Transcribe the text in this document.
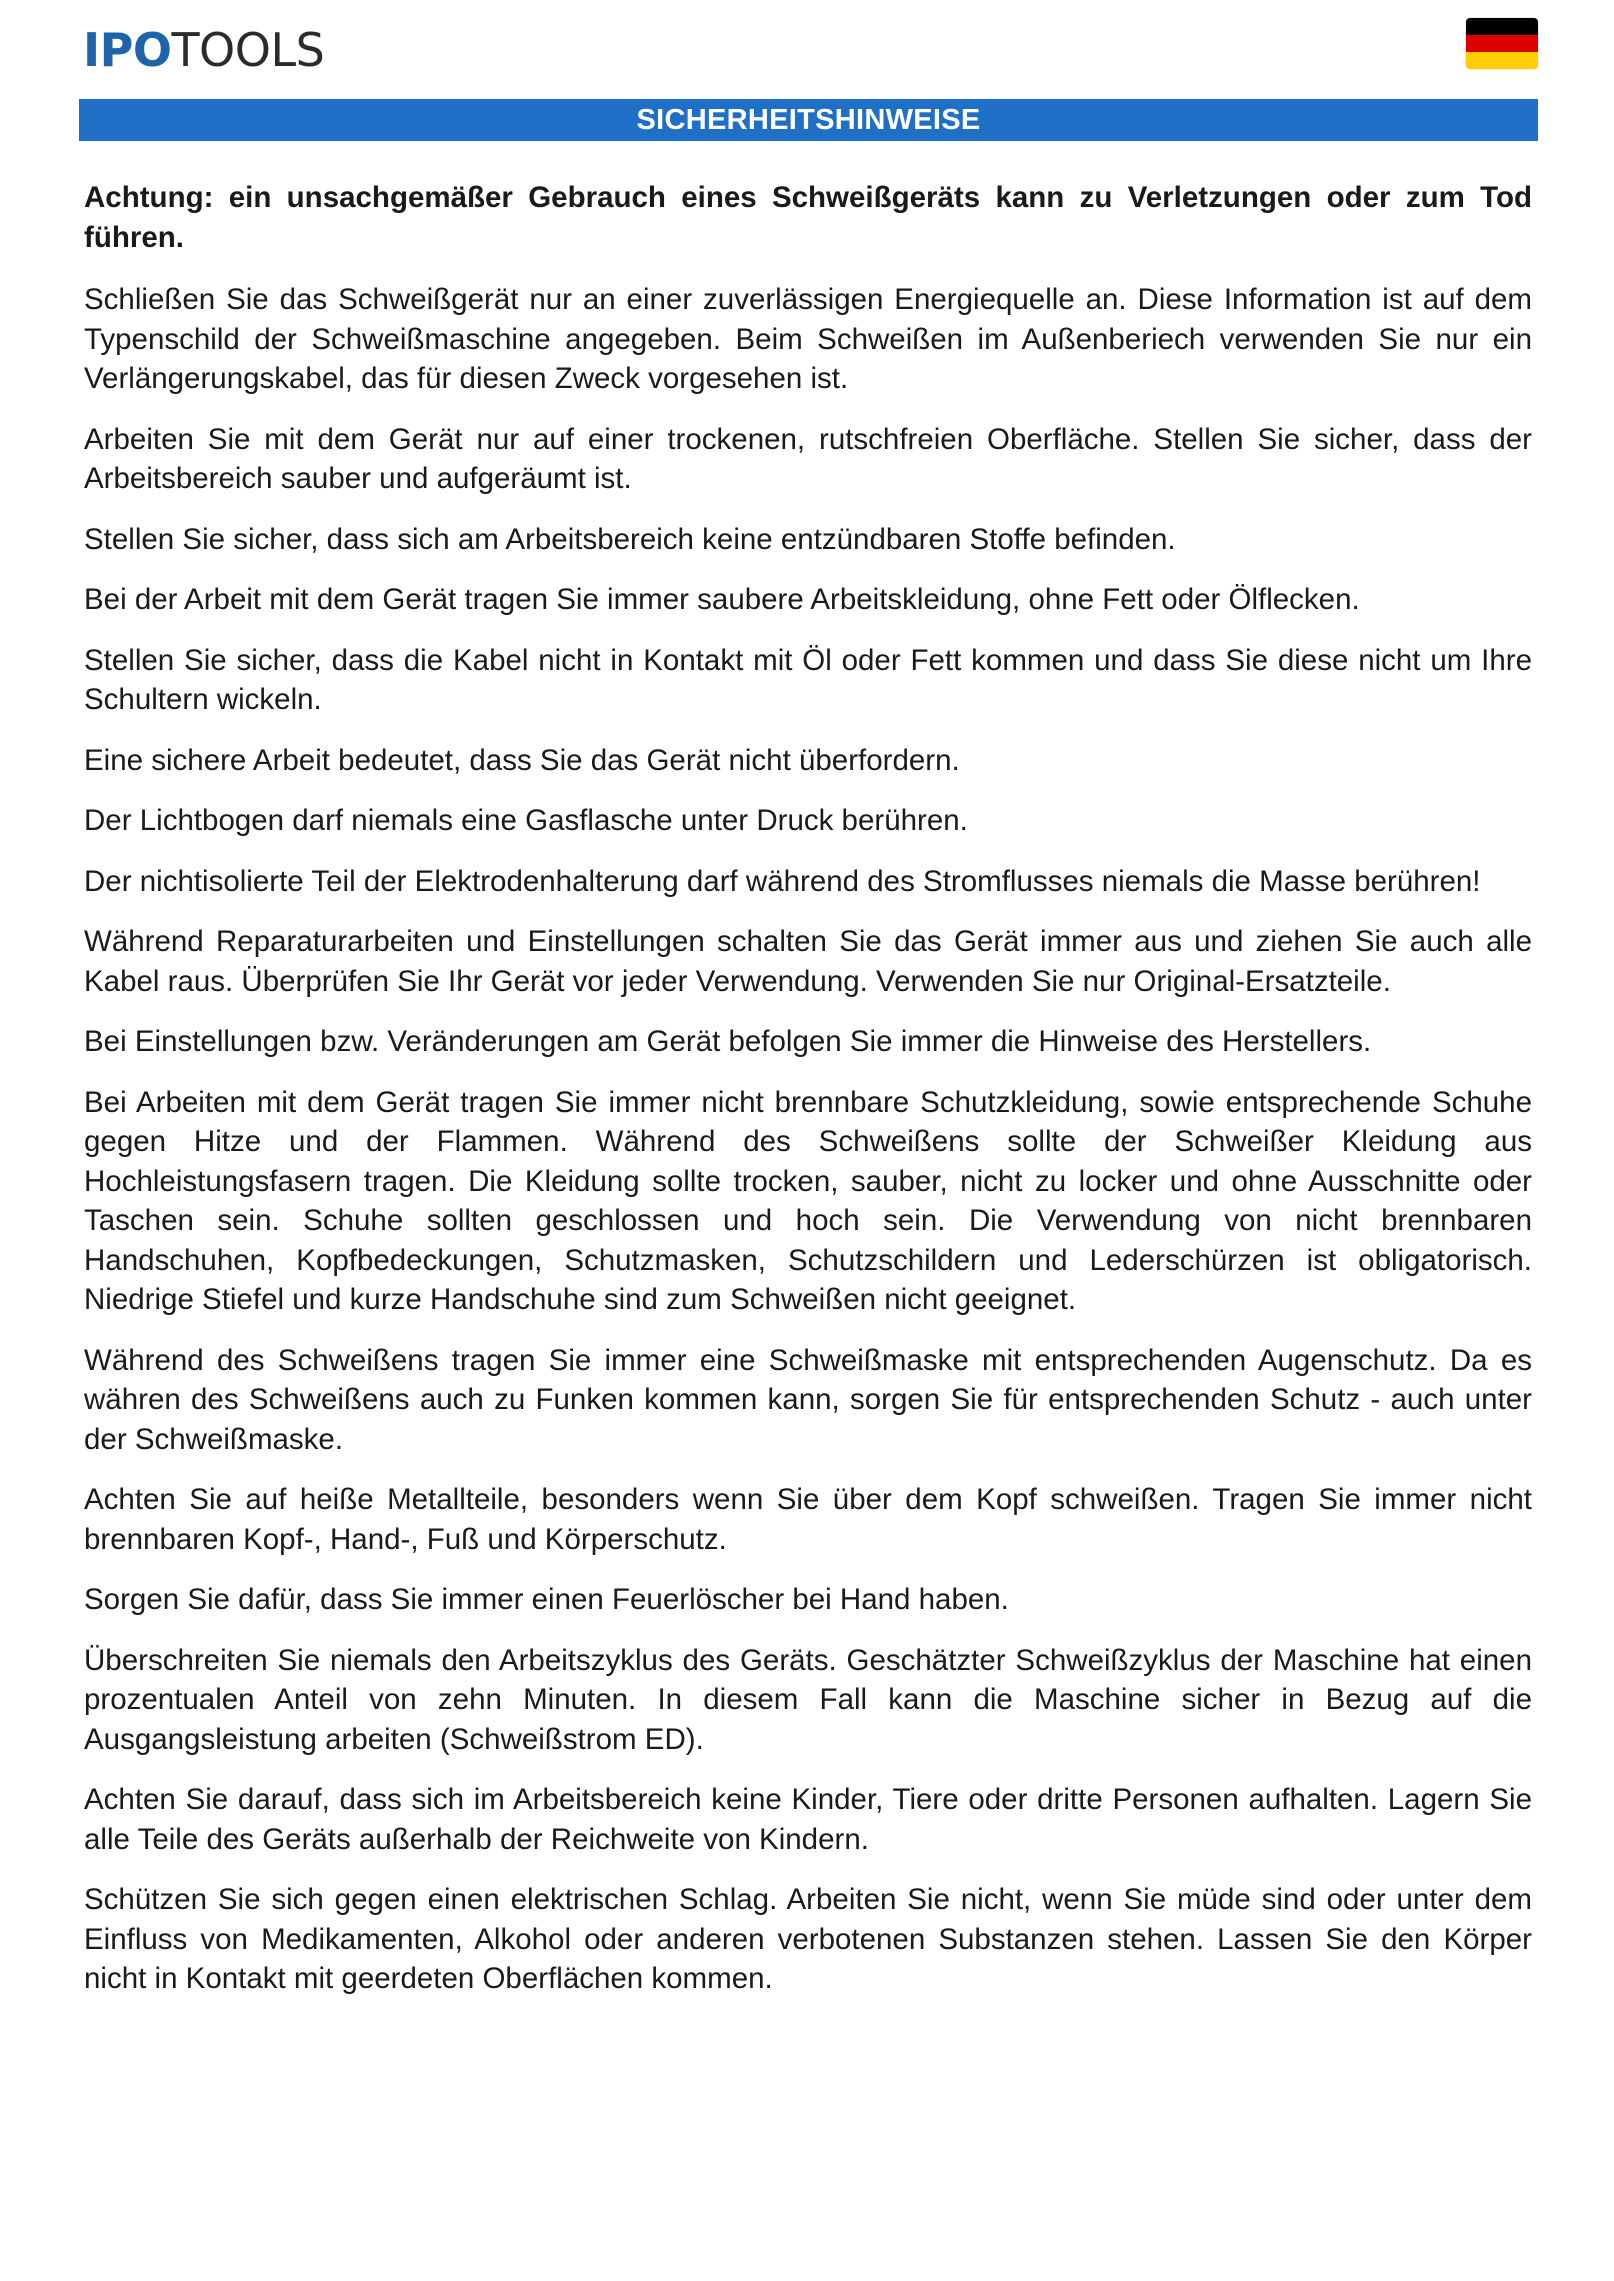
IPOTOOLS
SICHERHEITSHINWEISE

Achtung: ein unsachgemäßer Gebrauch eines Schweißgeräts kann zu Verletzungen oder zum Tod führen.

Schließen Sie das Schweißgerät nur an einer zuverlässigen Energiequelle an. Diese Information ist auf dem Typenschild der Schweißmaschine angegeben. Beim Schweißen im Außenberiech verwenden Sie nur ein Verlängerungskabel, das für diesen Zweck vorgesehen ist.

Arbeiten Sie mit dem Gerät nur auf einer trockenen, rutschfreien Oberfläche. Stellen Sie sicher, dass der Arbeitsbereich sauber und aufgeräumt ist.

Stellen Sie sicher, dass sich am Arbeitsbereich keine entzündbaren Stoffe befinden.

Bei der Arbeit mit dem Gerät tragen Sie immer saubere Arbeitskleidung, ohne Fett oder Ölflecken.

Stellen Sie sicher, dass die Kabel nicht in Kontakt mit Öl oder Fett kommen und dass Sie diese nicht um Ihre Schultern wickeln.

Eine sichere Arbeit bedeutet, dass Sie das Gerät nicht überfordern.

Der Lichtbogen darf niemals eine Gasflasche unter Druck berühren.

Der nichtisolierte Teil der Elektrodenhalterung darf während des Stromflusses niemals die Masse berühren!

Während Reparaturarbeiten und Einstellungen schalten Sie das Gerät immer aus und ziehen Sie auch alle Kabel raus. Überprüfen Sie Ihr Gerät vor jeder Verwendung. Verwenden Sie nur Original-Ersatzteile.

Bei Einstellungen bzw. Veränderungen am Gerät befolgen Sie immer die Hinweise des Herstellers.

Bei Arbeiten mit dem Gerät tragen Sie immer nicht brennbare Schutzkleidung, sowie entsprechende Schuhe gegen Hitze und der Flammen. Während des Schweißens sollte der Schweißer Kleidung aus Hochleistungsfasern tragen. Die Kleidung sollte trocken, sauber, nicht zu locker und ohne Ausschnitte oder Taschen sein. Schuhe sollten geschlossen und hoch sein. Die Verwendung von nicht brennbaren Handschuhen, Kopfbedeckungen, Schutzmasken, Schutzschildern und Lederschürzen ist obligatorisch. Niedrige Stiefel und kurze Handschuhe sind zum Schweißen nicht geeignet.

Während des Schweißens tragen Sie immer eine Schweißmaske mit entsprechenden Augenschutz. Da es währen des Schweißens auch zu Funken kommen kann, sorgen Sie für entsprechenden Schutz - auch unter der Schweißmaske.

Achten Sie auf heiße Metallteile, besonders wenn Sie über dem Kopf schweißen. Tragen Sie immer nicht brennbaren Kopf-, Hand-, Fuß und Körperschutz.

Sorgen Sie dafür, dass Sie immer einen Feuerlöscher bei Hand haben.

Überschreiten Sie niemals den Arbeitszyklus des Geräts. Geschätzter Schweißzyklus der Maschine hat einen prozentualen Anteil von zehn Minuten. In diesem Fall kann die Maschine sicher in Bezug auf die Ausgangsleistung arbeiten (Schweißstrom ED).

Achten Sie darauf, dass sich im Arbeitsbereich keine Kinder, Tiere oder dritte Personen aufhalten. Lagern Sie alle Teile des Geräts außerhalb der Reichweite von Kindern.

Schützen Sie sich gegen einen elektrischen Schlag. Arbeiten Sie nicht, wenn Sie müde sind oder unter dem Einfluss von Medikamenten, Alkohol oder anderen verbotenen Substanzen stehen. Lassen Sie den Körper nicht in Kontakt mit geerdeten Oberflächen kommen.
